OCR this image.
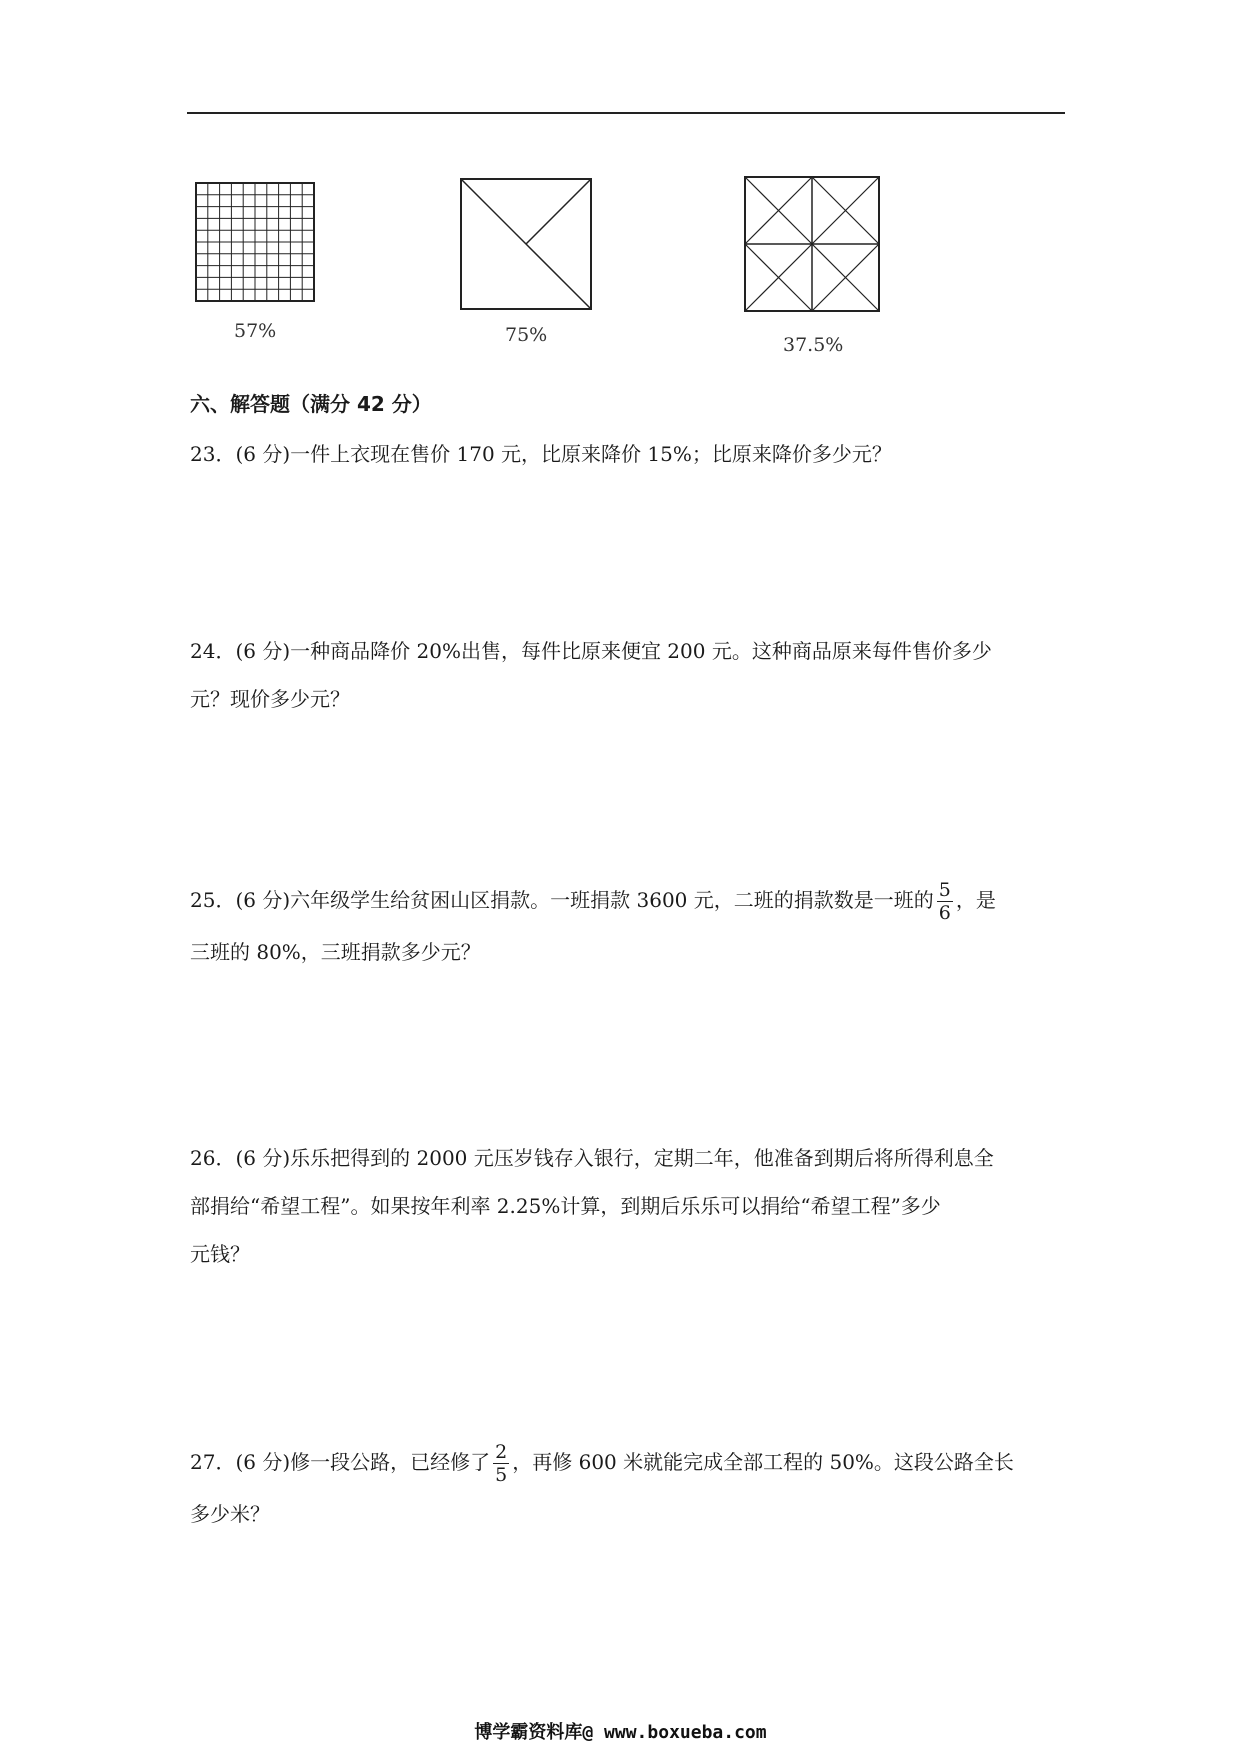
57%	75%	37.5%
六、解答题（满分 42 分）
23．(6 分)一件上衣现在售价 170 元，比原来降价 15%；比原来降价多少元？
24．(6 分)一种商品降价 20%出售，每件比原来便宜 200 元。这种商品原来每件售价多少
元？现价多少元？
25．(6 分)六年级学生给贫困山区捐款。一班捐款 3600 元，二班的捐款数是一班的 $\frac{5}{6}$ ，是
三班的 80%，三班捐款多少元？
26．(6 分)乐乐把得到的 2000 元压岁钱存入银行，定期二年，他准备到期后将所得利息全
部捐给“希望工程”。如果按年利率 2.25%计算，到期后乐乐可以捐给“希望工程”多少
元钱？
27．(6 分)修一段公路，已经修了 $\frac{2}{5}$ ，再修 600 米就能完成全部工程的 50%。这段公路全长
多少米？
博学霸资料库@ www.boxueba.com
